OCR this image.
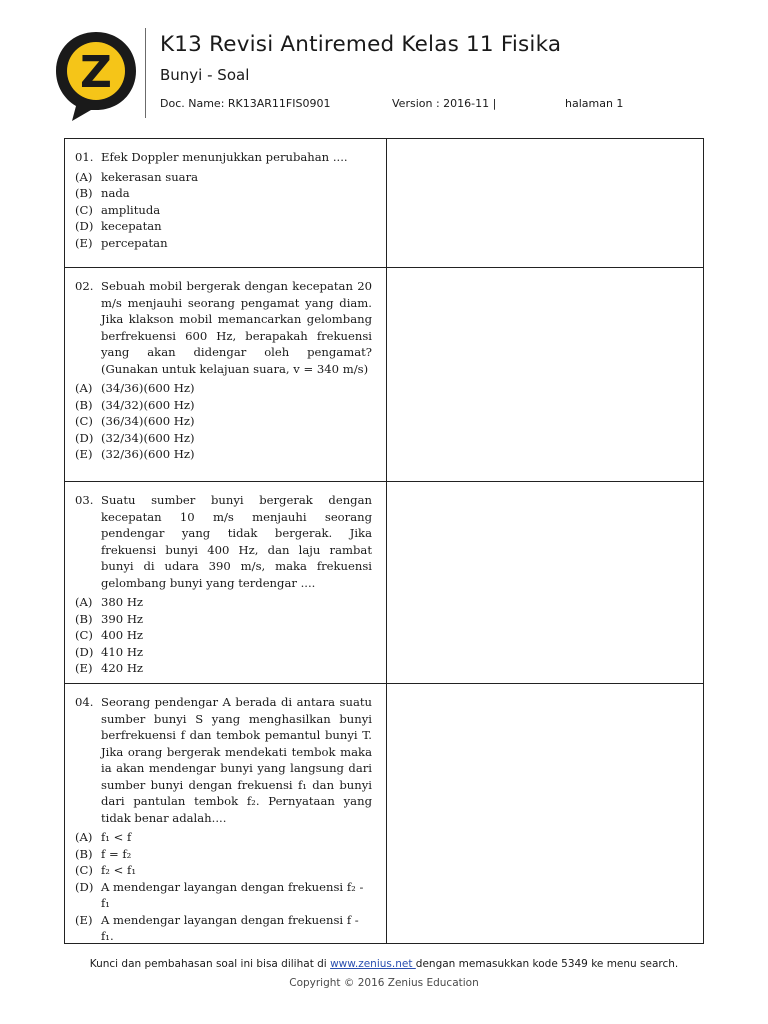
Z
K13 Revisi Antiremed Kelas 11 Fisika
Bunyi - Soal
Doc. Name: RK13AR11FIS0901	Version : 2016-11 |	halaman 1
01. Efek Doppler menunjukkan perubahan ....
(A) kekerasan suara
(B) nada
(C) amplituda
(D) kecepatan
(E) percepatan
02. Sebuah mobil bergerak dengan kecepatan 20 m/s menjauhi seorang pengamat yang diam. Jika klakson mobil memancarkan gelombang berfrekuensi 600 Hz, berapakah frekuensi yang akan didengar oleh pengamat? (Gunakan untuk kelajuan suara, v = 340 m/s)
(A) (34/36)(600 Hz)
(B) (34/32)(600 Hz)
(C) (36/34)(600 Hz)
(D) (32/34)(600 Hz)
(E) (32/36)(600 Hz)
03. Suatu sumber bunyi bergerak dengan kecepatan 10 m/s menjauhi seorang pendengar yang tidak bergerak. Jika frekuensi bunyi 400 Hz, dan laju rambat bunyi di udara 390 m/s, maka frekuensi gelombang bunyi yang terdengar ....
(A) 380 Hz
(B) 390 Hz
(C) 400 Hz
(D) 410 Hz
(E) 420 Hz
04. Seorang pendengar A berada di antara suatu sumber bunyi S yang menghasilkan bunyi berfrekuensi f dan tembok pemantul bunyi T. Jika orang bergerak mendekati tembok maka ia akan mendengar bunyi yang langsung dari sumber bunyi dengan frekuensi f₁ dan bunyi dari pantulan tembok f₂. Pernyataan yang tidak benar adalah....
(A) f₁ < f
(B) f = f₂
(C) f₂ < f₁
(D) A mendengar layangan dengan frekuensi f₂ - f₁
(E) A mendengar layangan dengan frekuensi f - f₁.
Kunci dan pembahasan soal ini bisa dilihat di www.zenius.net dengan memasukkan kode 5349 ke menu search.
Copyright © 2016 Zenius Education
